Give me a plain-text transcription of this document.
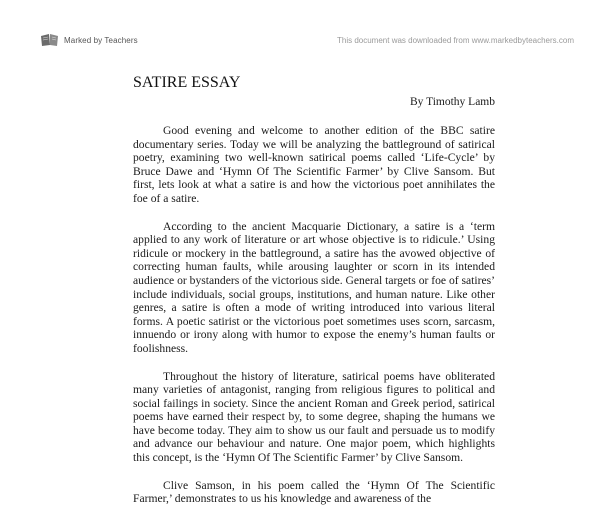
Marked by Teachers	This document was downloaded from www.markedbyteachers.com
SATIRE ESSAY
By Timothy Lamb

Good evening and welcome to another edition of the BBC satire documentary series. Today we will be analyzing the battleground of satirical poetry, examining two well-known satirical poems called ‘Life-Cycle’ by Bruce Dawe and ‘Hymn Of The Scientific Farmer’ by Clive Sansom. But first, lets look at what a satire is and how the victorious poet annihilates the foe of a satire.

According to the ancient Macquarie Dictionary, a satire is a ‘term applied to any work of literature or art whose objective is to ridicule.’ Using ridicule or mockery in the battleground, a satire has the avowed objective of correcting human faults, while arousing laughter or scorn in its intended audience or bystanders of the victorious side. General targets or foe of satires’ include individuals, social groups, institutions, and human nature. Like other genres, a satire is often a mode of writing introduced into various literal forms. A poetic satirist or the victorious poet sometimes uses scorn, sarcasm, innuendo or irony along with humor to expose the enemy’s human faults or foolishness.

Throughout the history of literature, satirical poems have obliterated many varieties of antagonist, ranging from religious figures to political and social failings in society. Since the ancient Roman and Greek period, satirical poems have earned their respect by, to some degree, shaping the humans we have become today. They aim to show us our fault and persuade us to modify and advance our behaviour and nature. One major poem, which highlights this concept, is the ‘Hymn Of The Scientific Farmer’ by Clive Sansom.

Clive Samson, in his poem called the ‘Hymn Of The Scientific Farmer,’ demonstrates to us his knowledge and awareness of the
